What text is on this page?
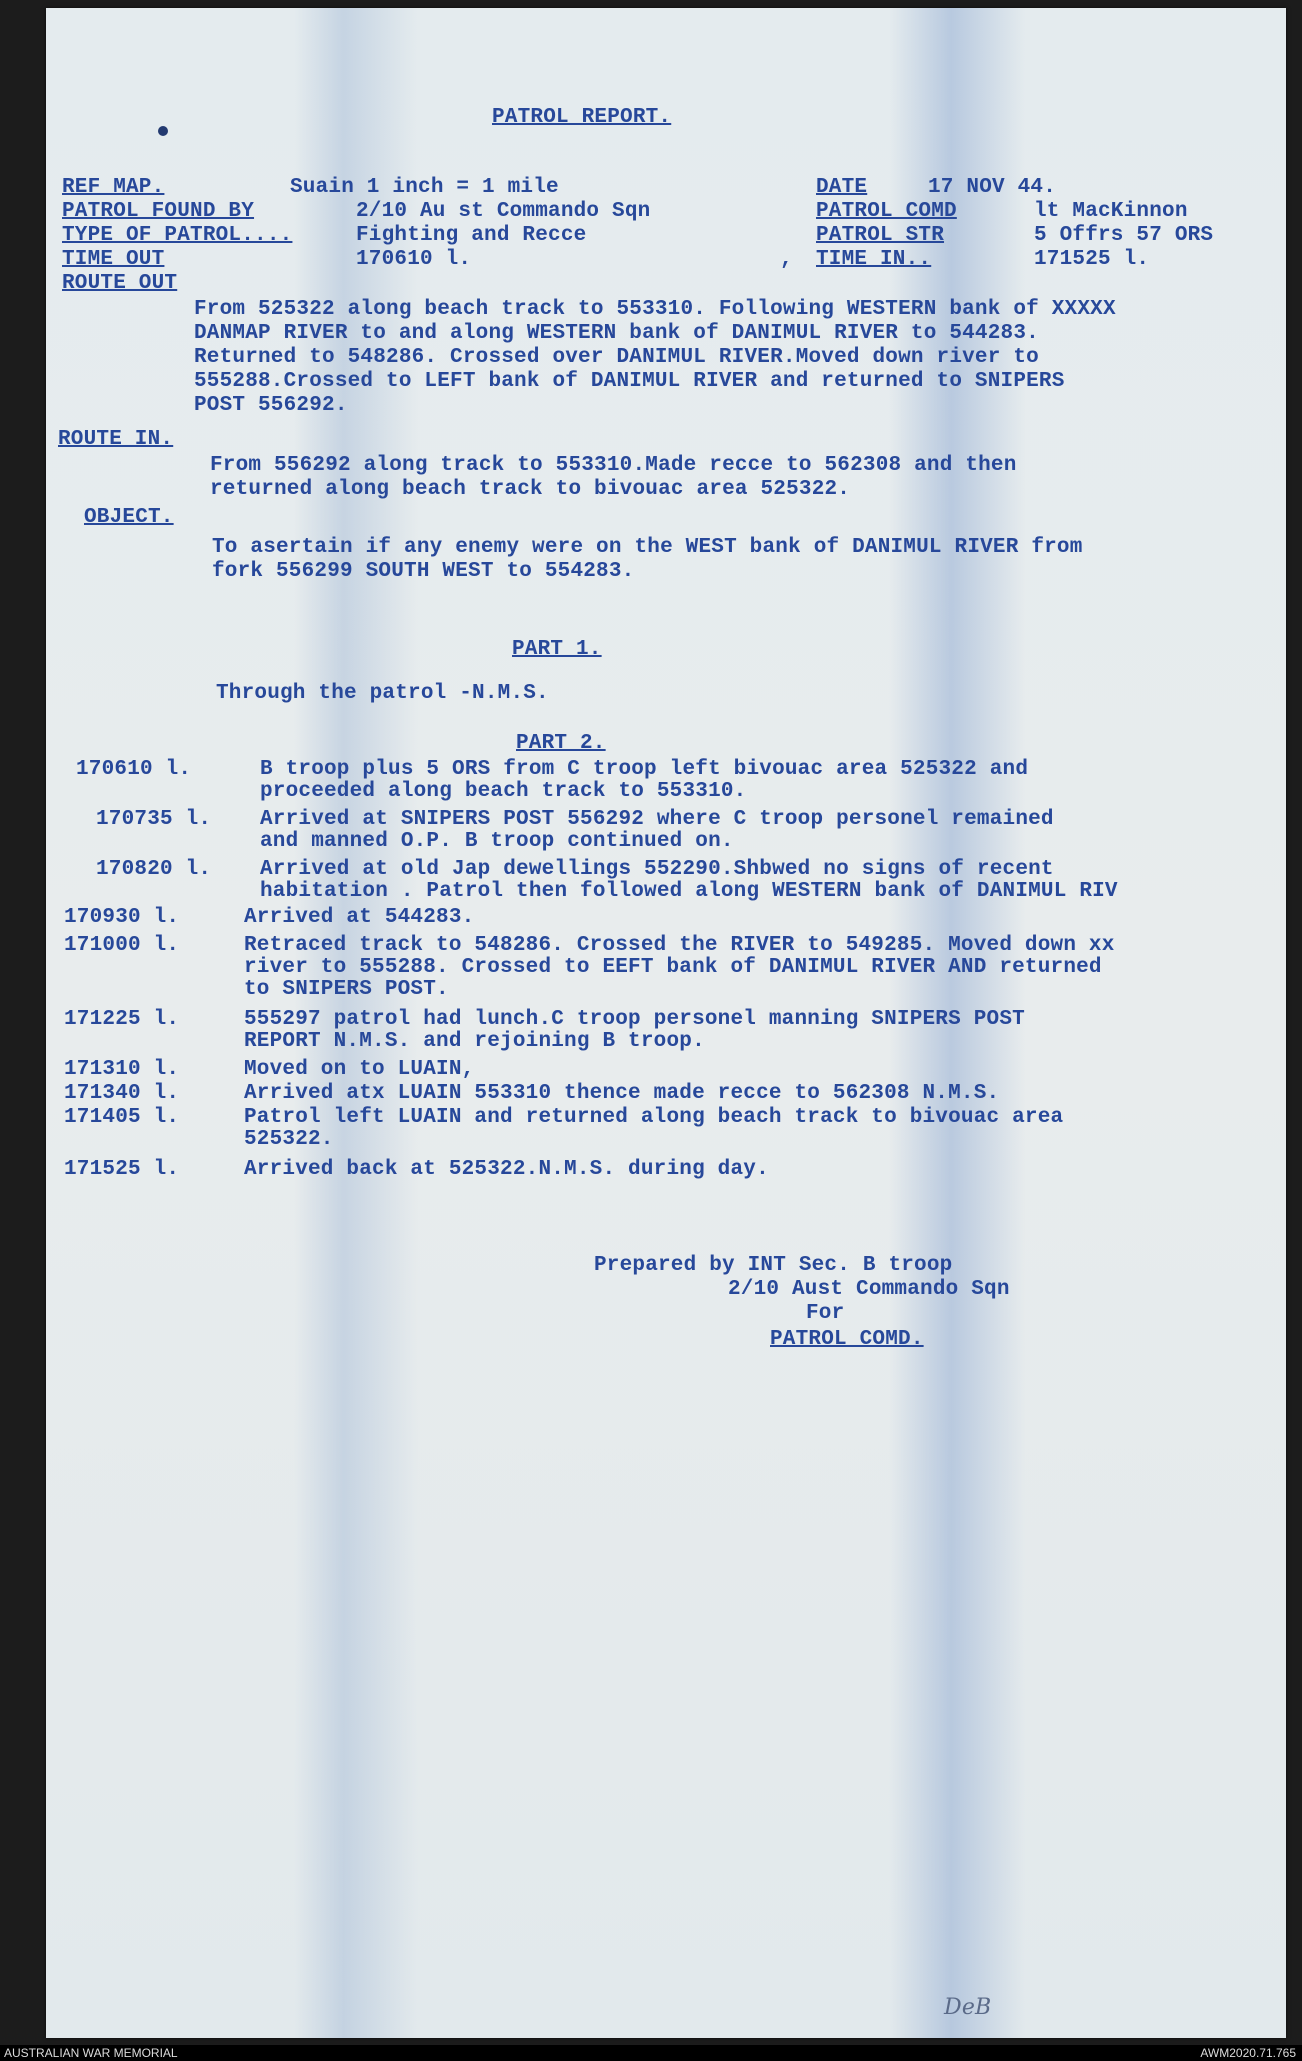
PATROL REPORT.
REF MAP.	Suain 1 inch = 1 mile	DATE	17 NOV 44.
PATROL FOUND BY	2/10 Au st Commando Sqn	PATROL COMD	lt MacKinnon
TYPE OF PATROL....	Fighting and Recce	PATROL STR	5 Offrs 57 ORS
TIME OUT	170610 l.	, TIME IN..	171525 l.
ROUTE OUT
From 525322 along beach track to 553310. Following WESTERN bank of XXXXX
DANMAP RIVER to and along WESTERN bank of DANIMUL RIVER to 544283.
Returned to 548286. Crossed over DANIMUL RIVER.Moved down river to
555288.Crossed to LEFT bank of DANIMUL RIVER and returned to SNIPERS
POST 556292.
ROUTE IN.
From 556292 along track to 553310.Made recce to 562308 and then
returned along beach track to bivouac area 525322.
OBJECT.
To asertain if any enemy were on the WEST bank of DANIMUL RIVER from
fork 556299 SOUTH WEST to 554283.
PART 1.
Through the patrol -N.M.S.
PART 2.
170610 l.	B troop plus 5 ORS from C troop left bivouac area 525322 and
proceeded along beach track to 553310.
170735 l. Arrived at SNIPERS POST 556292 where C troop personel remained
and manned O.P. B troop continued on.
170820 l. Arrived at old Jap dewellings 552290.Shbwed no signs of recent
habitation . Patrol then followed along WESTERN bank of DANIMUL RIV
170930 l.	Arrived at 544283.
171000 l.	Retraced track to 548286. Crossed the RIVER to 549285. Moved down xx
river to 555288. Crossed to EEFT bank of DANIMUL RIVER AND returned
to SNIPERS POST.
171225 l.	555297 patrol had lunch.C troop personel manning SNIPERS POST
REPORT N.M.S. and rejoining B troop.
171310 l.	Moved on to LUAIN,
171340 l.	Arrived atx LUAIN 553310 thence made recce to 562308 N.M.S.
171405 l.	Patrol left LUAIN and returned along beach track to bivouac area
525322.
171525 l.	Arrived back at 525322.N.M.S. during day.
Prepared by INT Sec. B troop
2/10 Aust Commando Sqn
For
PATROL COMD.
DeB
AUSTRALIAN WAR MEMORIAL	AWM2020.71.765
